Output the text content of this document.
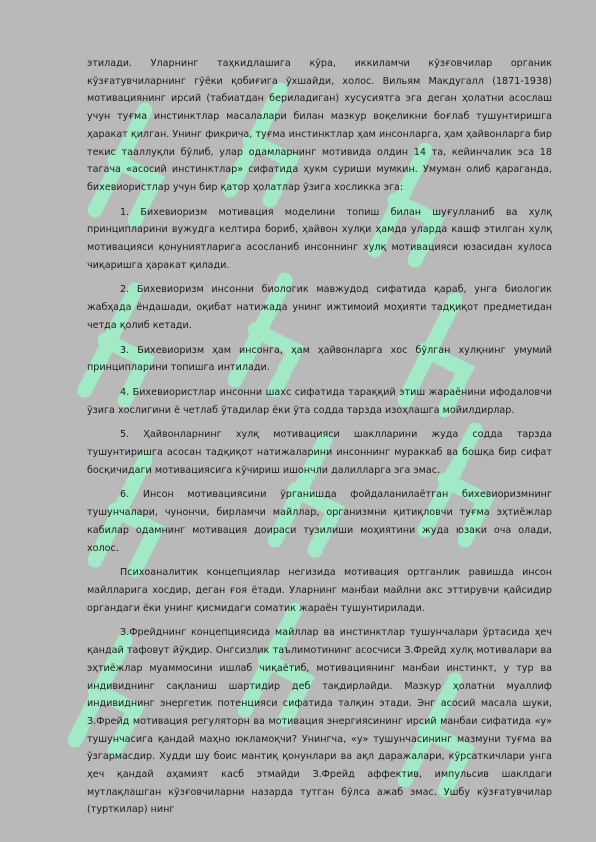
этилади. Уларнинг таҳкидлашига кўра, иккиламчи кўзғовчилар органик кўзғатувчиларнинг гўёки қобиғига ўхшайди, холос. Вильям Макдугалл (1871-1938) мотивациянинг ирсий (табиатдан бериладиган) хусусиятга эга деган ҳолатни асослаш учун туғма инстинктлар масалалари билан мазкур воқеликни боғлаб тушунтиришга ҳаракат қилган. Унинг фикрича, туғма инстинктлар ҳам инсонларга, ҳам ҳайвонларга бир текис тааллуқли бўлиб, улар одамларнинг мотивида олдин 14 та, кейинчалик эса 18 тагача «асосий инстинктлар» сифатида ҳукм суриши мумкин. Умуман олиб қараганда, бихевиористлар учун бир қатор ҳолатлар ўзига хосликка эга:

1. Бихевиоризм мотивация моделини топиш билан шуғулланиб ва хулқ принципларини вужудга келтира бориб, ҳайвон хулқи ҳамда уларда кашф этилган хулқ мотивацияси қонуниятларига асосланиб инсоннинг хулқ мотивацияси юзасидан хулоса чиқаришга ҳаракат қилади.

2. Бихевиоризм инсонни биологик мавжудод сифатида қараб, унга биологик жабҳада ёндашади, оқибат натижада унинг ижтимоий моҳияти тадқиқот предметидан четда қолиб кетади.

3. Бихевиоризм ҳам инсонга, ҳам ҳайвонларга хос бўлган хулқнинг умумий принципларини топишга интилади.

4. Бихевиористлар инсонни шахс сифатида тараққий этиш жараёнини ифодаловчи ўзига хослигини ё четлаб ўтадилар ёки ўта содда тарзда изоҳлашга мойилдирлар.

5. Ҳайвонларнинг хулқ мотивацияси шаклларини жуда содда тарзда тушунтиришга асосан тадқиқот натижаларини инсоннинг мураккаб ва бошқа бир сифат босқичидаги мотивациясига кўчириш ишончли далилларга эга эмас.

6. Инсон мотивациясини ўрганишда фойдаланилаётган бихевиоризмнинг тушунчалари, чунончи, бирламчи майллар, организмни қитиқловчи туғма эҳтиёжлар кабилар одамнинг мотивация доираси тузилиши моҳиятини жуда юзаки оча олади, холос.

Психоаналитик концепциялар негизида мотивация ортганлик равишда инсон майлларига хосдир, деган ғоя ётади. Уларнинг манбаи майлни акс эттирувчи қайсидир органдаги ёки унинг қисмидаги соматик жараён тушунтирилади.

З.Фрейднинг концепциясида майллар ва инстинктлар тушунчалари ўртасида ҳеч қандай тафовут йўқдир. Онгсизлик таълимотининг асосчиси З.Фрейд хулқ мотивалари ва эҳтиёжлар муаммосини ишлаб чиқаётиб, мотивациянинг манбаи инстинкт, у тур ва индивиднинг сақланиш шартидир деб тақдирлайди. Мазкур ҳолатни муаллиф индивиднинг энергетик потенцияси сифатида талқин этади. Энг асосий масала шуки, З.Фрейд мотивация регуляторн ва мотивация энергиясининг ирсий манбаи сифатида «у» тушунчасига қандай маҳно юкламоқчи? Унингча, «у» тушунчасининг мазмуни туғма ва ўзгармасдир. Худди шу боис мантиқ қонунлари ва ақл даражалари, кўрсаткичлари унга ҳеч қандай аҳамият касб этмайди З.Фрейд аффектив, импульсив шаклдаги мутлақлашган кўзғовчиларни назарда тутган бўлса ажаб эмас. Ушбу кўзғатувчилар (турткилар) нинг
